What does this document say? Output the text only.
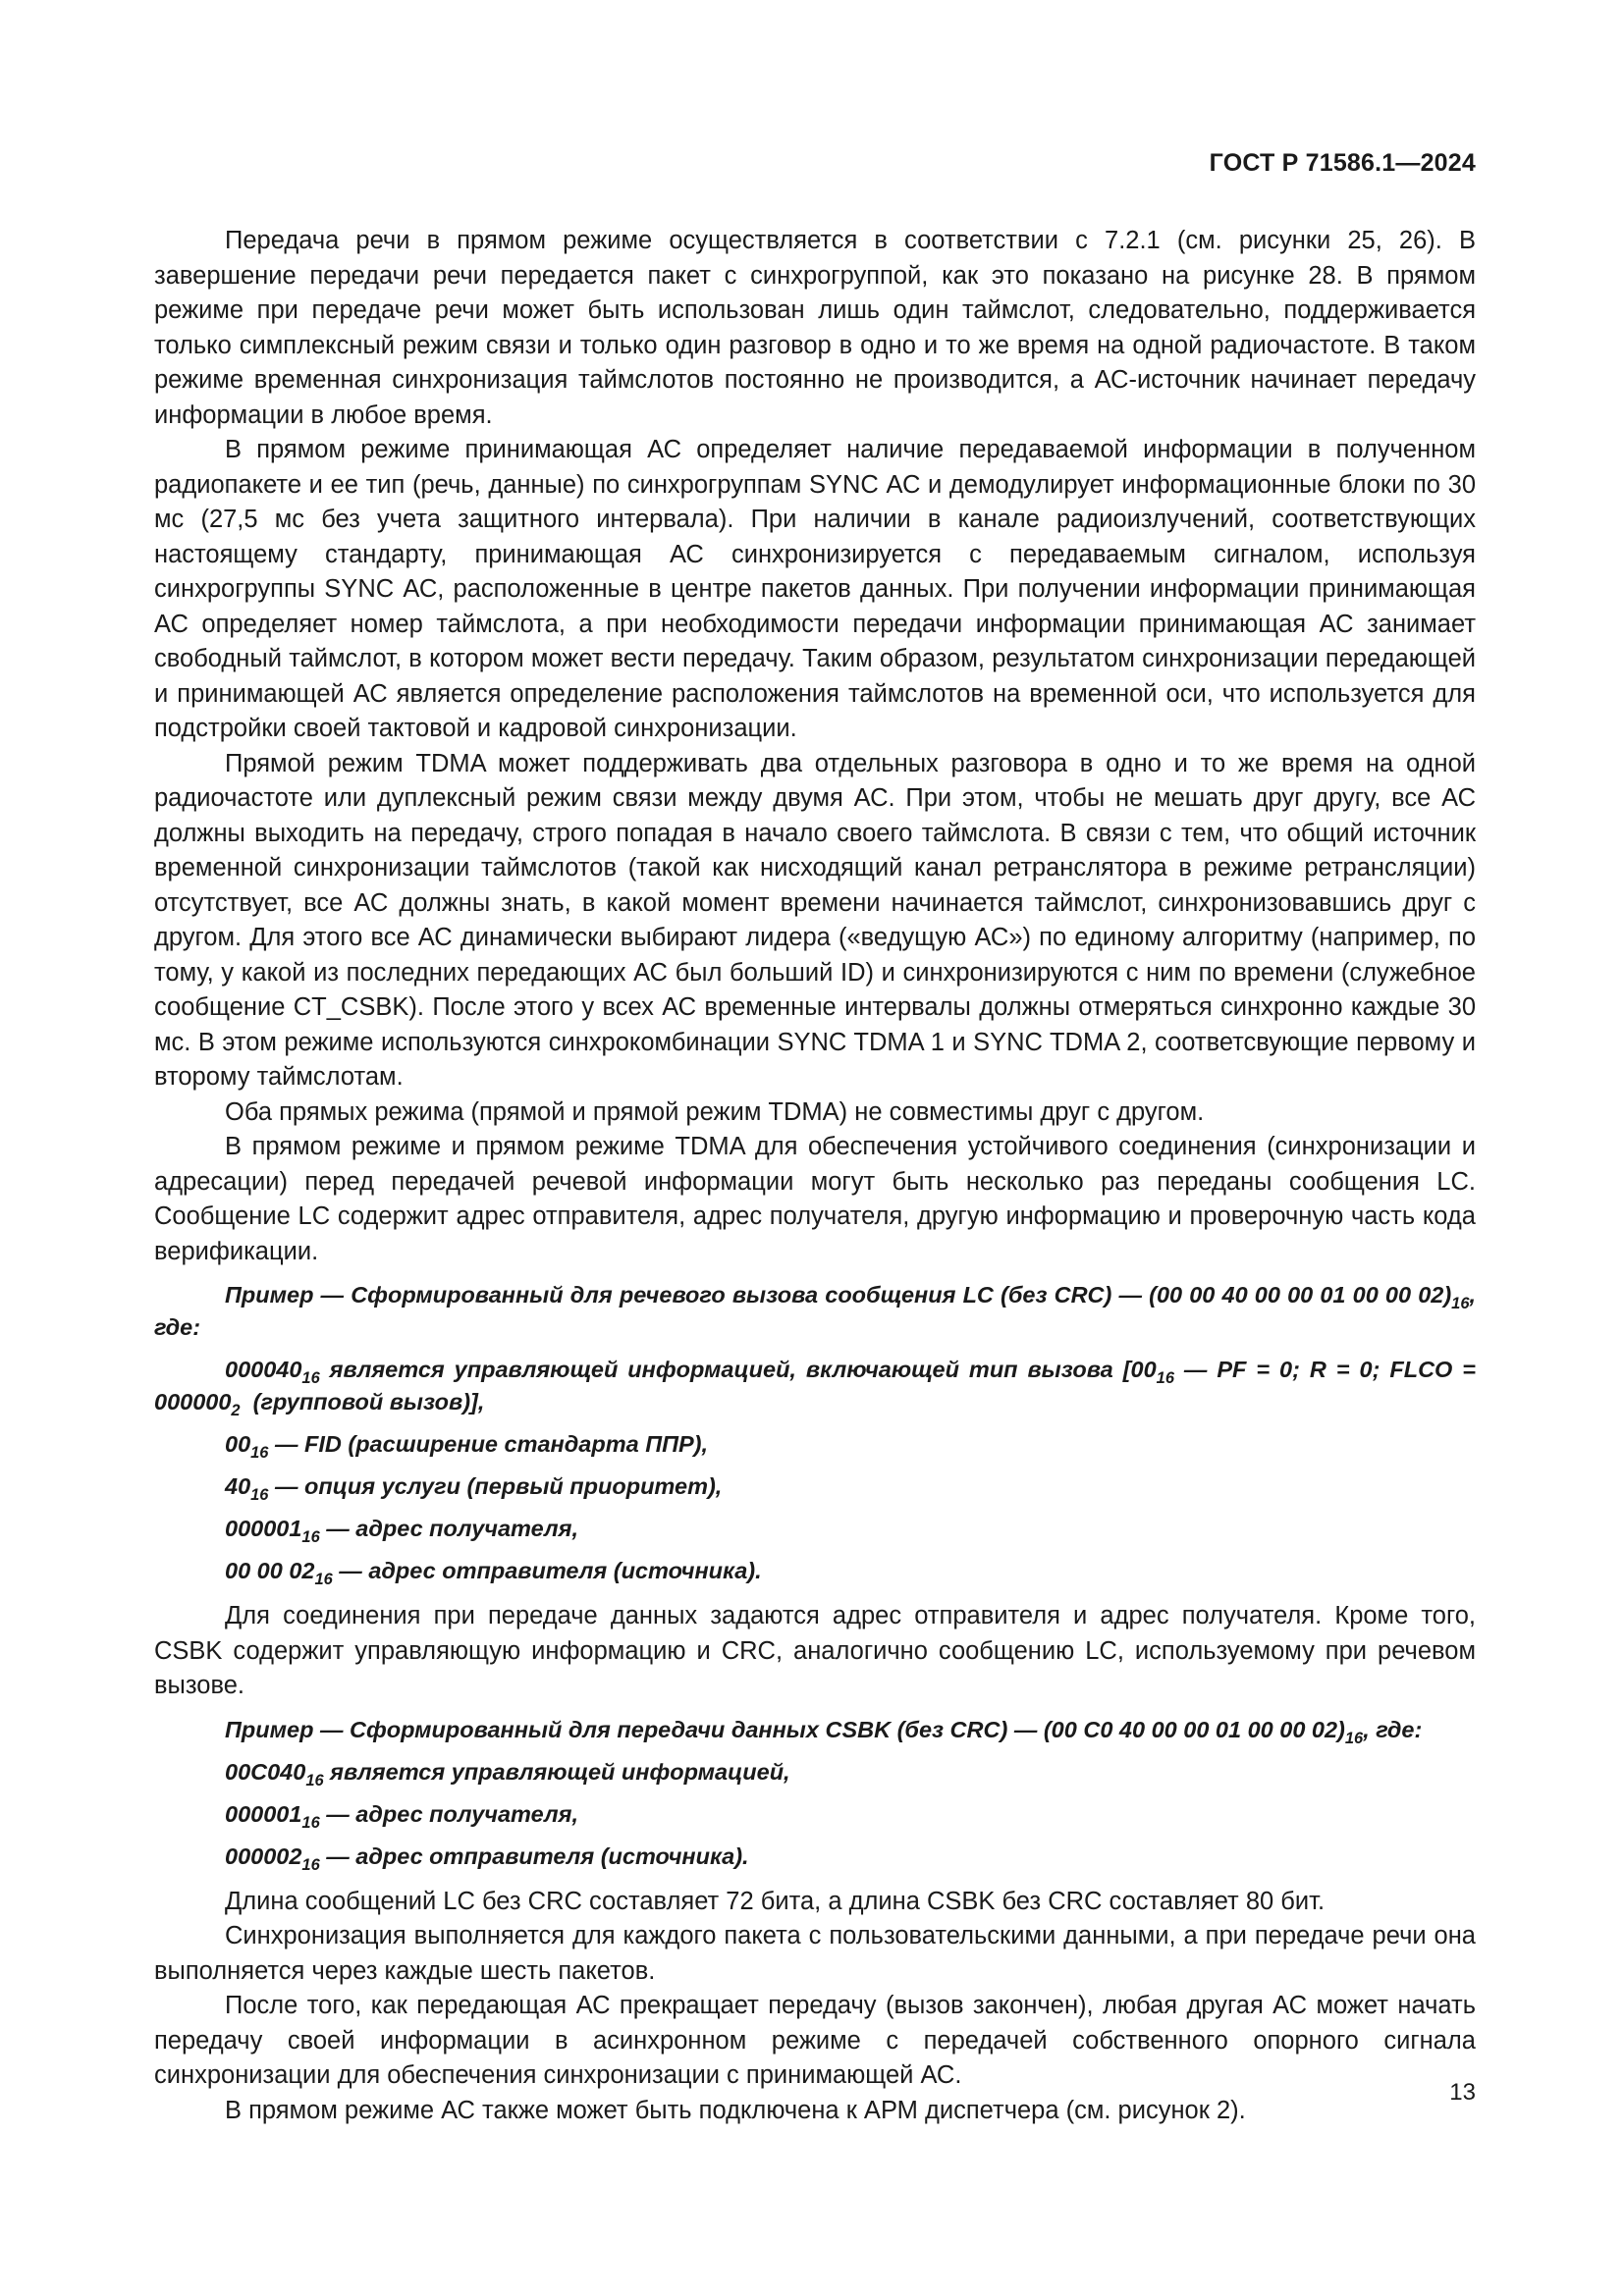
ГОСТ Р 71586.1—2024

Передача речи в прямом режиме осуществляется в соответствии с 7.2.1 (см. рисунки 25, 26). В завершение передачи речи передается пакет с синхрогруппой, как это показано на рисунке 28. В прямом режиме при передаче речи может быть использован лишь один таймслот, следовательно, поддерживается только симплексный режим связи и только один разговор в одно и то же время на одной радиочастоте. В таком режиме временная синхронизация таймслотов постоянно не производится, а АС-источник начинает передачу информации в любое время.

В прямом режиме принимающая АС определяет наличие передаваемой информации в полученном радиопакете и ее тип (речь, данные) по синхрогруппам SYNC АС и демодулирует информационные блоки по 30 мс (27,5 мс без учета защитного интервала). При наличии в канале радиоизлучений, соответствующих настоящему стандарту, принимающая АС синхронизируется с передаваемым сигналом, используя синхрогруппы SYNC АС, расположенные в центре пакетов данных. При получении информации принимающая АС определяет номер таймслота, а при необходимости передачи информации принимающая АС занимает свободный таймслот, в котором может вести передачу. Таким образом, результатом синхронизации передающей и принимающей АС является определение расположения таймслотов на временной оси, что используется для подстройки своей тактовой и кадровой синхронизации.

Прямой режим TDMA может поддерживать два отдельных разговора в одно и то же время на одной радиочастоте или дуплексный режим связи между двумя АС. При этом, чтобы не мешать друг другу, все АС должны выходить на передачу, строго попадая в начало своего таймслота. В связи с тем, что общий источник временной синхронизации таймслотов (такой как нисходящий канал ретранслятора в режиме ретрансляции) отсутствует, все АС должны знать, в какой момент времени начинается таймслот, синхронизовавшись друг с другом. Для этого все АС динамически выбирают лидера («ведущую АС») по единому алгоритму (например, по тому, у какой из последних передающих АС был больший ID) и синхронизируются с ним по времени (служебное сообщение CT_CSBK). После этого у всех АС временные интервалы должны отмеряться синхронно каждые 30 мс. В этом режиме используются синхрокомбинации SYNC TDMA 1 и SYNC TDMA 2, соответсвующие первому и второму таймслотам.

Оба прямых режима (прямой и прямой режим TDMA) не совместимы друг с другом.

В прямом режиме и прямом режиме TDMA для обеспечения устойчивого соединения (синхронизации и адресации) перед передачей речевой информации могут быть несколько раз переданы сообщения LC. Сообщение LC содержит адрес отправителя, адрес получателя, другую информацию и проверочную часть кода верификации.

Пример — Сформированный для речевого вызова сообщения LC (без CRC) — (00 00 40 00 00 01 00 00 $02)_{16}$, где:

$000040_{16}$ является управляющей информацией, включающей тип вызова [$00_{16}$ — PF = 0; R = 0; FLCO = $000000_2$  (групповой вызов)],

$00_{16}$ — FID (расширение стандарта ППР),

$40_{16}$ — опция услуги (первый приоритет),

$000001_{16}$ — адрес получателя,

00 00 $02_{16}$ — адрес отправителя (источника).

Для соединения при передаче данных задаются адрес отправителя и адрес получателя. Кроме того, CSBK содержит управляющую информацию и CRC, аналогично сообщению LC, используемому при речевом вызове.

Пример — Сформированный для передачи данных CSBK (без CRC) — (00 C0 40 00 00 01 00 00 $02)_{16}$, где:

$00C040_{16}$ является управляющей информацией,

$000001_{16}$ — адрес получателя,

$000002_{16}$ — адрес отправителя (источника).

Длина сообщений LC без CRC составляет 72 бита, а длина CSBK без CRC составляет 80 бит.

Синхронизация выполняется для каждого пакета с пользовательскими данными, а при передаче речи она выполняется через каждые шесть пакетов.

После того, как передающая АС прекращает передачу (вызов закончен), любая другая АС может начать передачу своей информации в асинхронном режиме с передачей собственного опорного сигнала синхронизации для обеспечения синхронизации с принимающей АС.

В прямом режиме АС также может быть подключена к АРМ диспетчера (см. рисунок 2).

13
